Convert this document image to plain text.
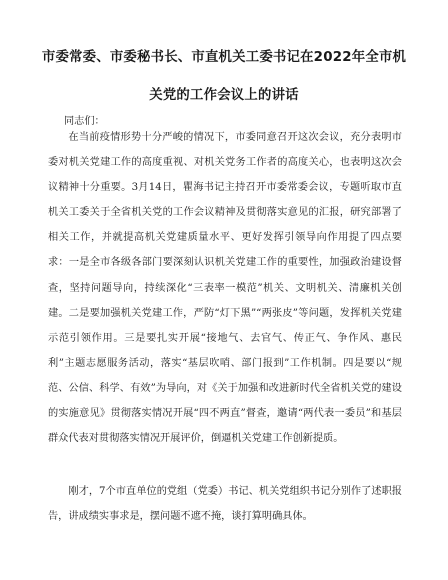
市委常委、市委秘书长、市直机关工委书记在2022年全市机
关党的工作会议上的讲话
同志们：

在当前疫情形势十分严峻的情况下，市委同意召开这次会议，充分表明市委对机关党建工作的高度重视、对机关党务工作者的高度关心，也表明这次会议精神十分重要。3月14日，瞿海书记主持召开市委常委会议，专题听取市直机关工委关于全省机关党的工作会议精神及贯彻落实意见的汇报，研究部署了相关工作，并就提高机关党建质量水平、更好发挥引领导向作用提了四点要求：一是全市各级各部门要深刻认识机关党建工作的重要性，加强政治建设督查，坚持问题导向，持续深化“三表率一模范”机关、文明机关、清廉机关创建。二是要加强机关党建工作，严防“灯下黑”“两张皮”等问题，发挥机关党建示范引领作用。三是要扎实开展“接地气、去官气、传正气、争作风、惠民利”主题志愿服务活动，落实“基层吹哨、部门报到”工作机制。四是要以“规范、公信、科学、有效”为导向，对《关于加强和改进新时代全省机关党的建设的实施意见》贯彻落实情况开展“四不两直”督查，邀请“两代表一委员”和基层群众代表对贯彻落实情况开展评价，倒逼机关党建工作创新提质。

刚才，7个市直单位的党组（党委）书记、机关党组织书记分别作了述职报告，讲成绩实事求是，摆问题不遮不掩，谈打算明确具体。
